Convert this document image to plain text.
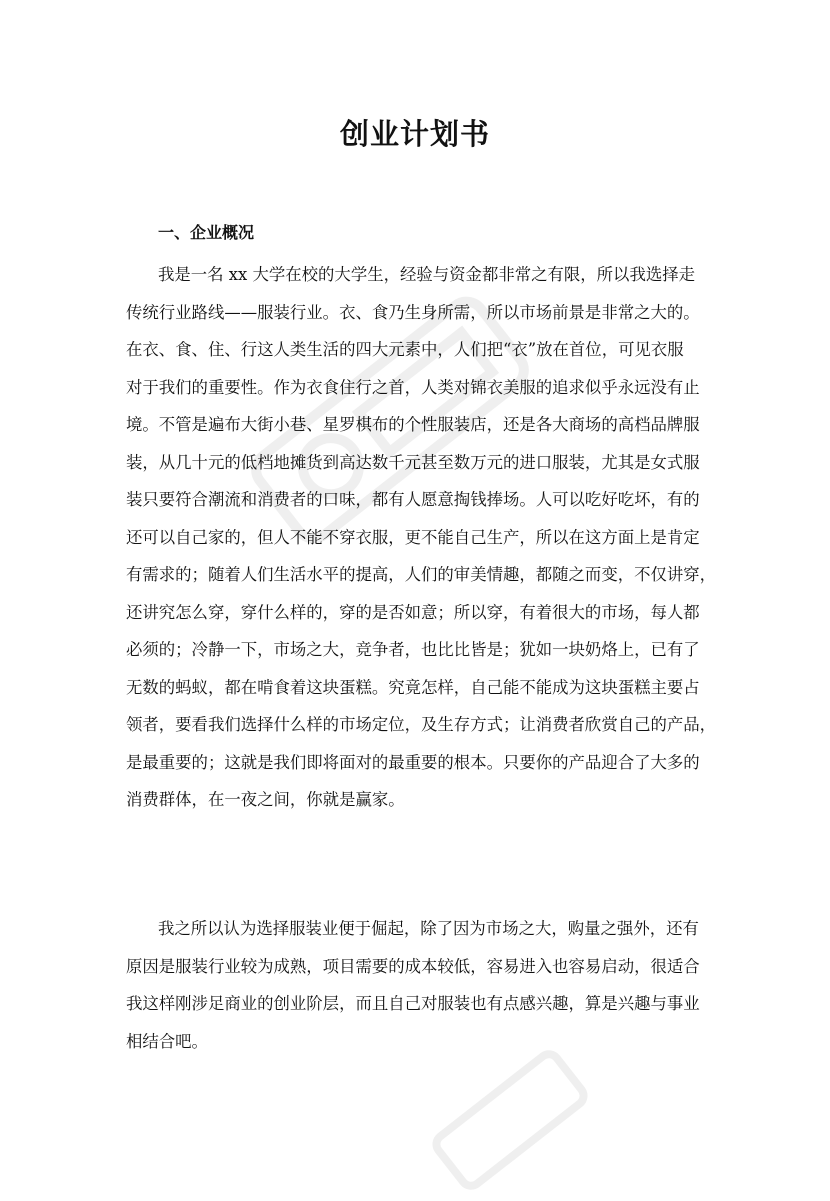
创业计划书
一、企业概况
我是一名 xx 大学在校的大学生，经验与资金都非常之有限，所以我选择走
传统行业路线——服装行业。衣、食乃生身所需，所以市场前景是非常之大的。
在衣、食、住、行这人类生活的四大元素中，人们把“衣”放在首位，可见衣服
对于我们的重要性。作为衣食住行之首，人类对锦衣美服的追求似乎永远没有止
境。不管是遍布大街小巷、星罗棋布的个性服装店，还是各大商场的高档品牌服
装，从几十元的低档地摊货到高达数千元甚至数万元的进口服装，尤其是女式服
装只要符合潮流和消费者的口味，都有人愿意掏钱捧场。人可以吃好吃坏，有的
还可以自己家的，但人不能不穿衣服，更不能自己生产，所以在这方面上是肯定
有需求的；随着人们生活水平的提高，人们的审美情趣，都随之而变，不仅讲穿，
还讲究怎么穿，穿什么样的，穿的是否如意；所以穿，有着很大的市场，每人都
必须的；冷静一下，市场之大，竞争者，也比比皆是；犹如一块奶烙上，已有了
无数的蚂蚁，都在啃食着这块蛋糕。究竟怎样，自己能不能成为这块蛋糕主要占
领者，要看我们选择什么样的市场定位，及生存方式；让消费者欣赏自己的产品，
是最重要的；这就是我们即将面对的最重要的根本。只要你的产品迎合了大多的
消费群体，在一夜之间，你就是赢家。
我之所以认为选择服装业便于倔起，除了因为市场之大，购量之强外，还有
原因是服装行业较为成熟，项目需要的成本较低，容易进入也容易启动，很适合
我这样刚涉足商业的创业阶层，而且自己对服装也有点感兴趣，算是兴趣与事业
相结合吧。
